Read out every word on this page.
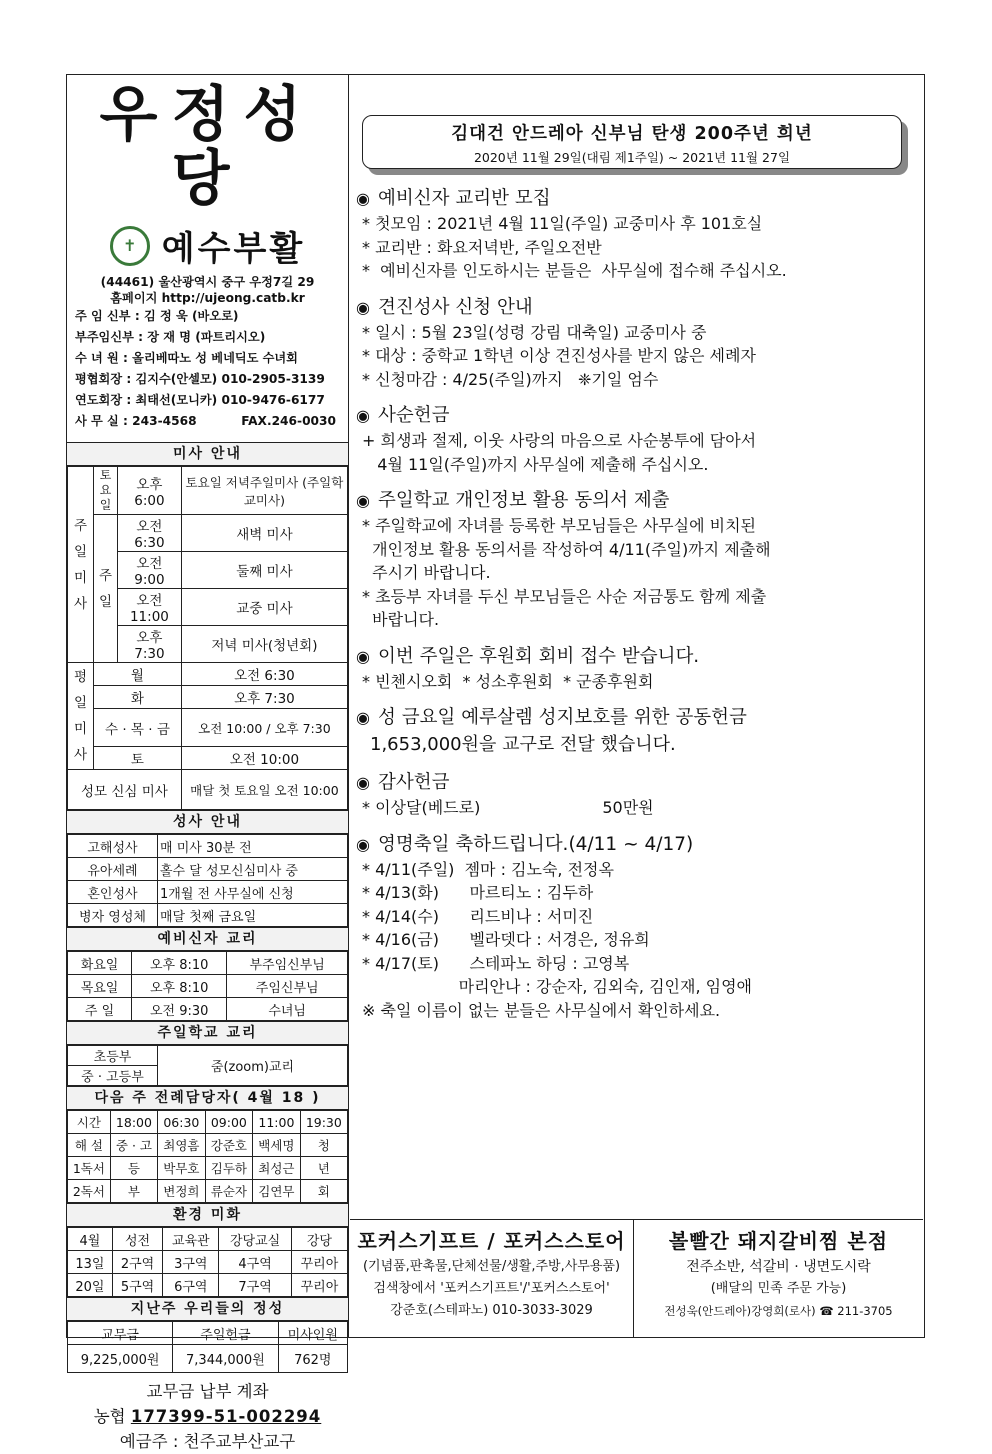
우정성당
✝ 예수부활
(44461) 울산광역시 중구 우정7길 29
홈페이지 http://ujeong.catb.kr
주 임 신부 : 김 정 욱 (바오로)
부주임신부 : 장 재 명 (파트리시오)
수 녀 원 : 올리베따노 성 베네딕도 수녀회
평협회장 : 김지수(안셀모) 010-2905-3139
연도회장 : 최태선(모니카) 010-9476-6177
사 무 실 : 243-4568	FAX.246-0030
미사 안내
주일미사	토요일	오후 6:00	토요일 저녁주일미사 (주일학교미사)
	주일	오전 6:30	새벽 미사
		오전 9:00	둘째 미사
		오전11:00	교중 미사
		오후 7:30	저녁 미사(청년회)
평일미사	월		오전 6:30
	화		오후 7:30
	수 · 목 · 금		오전 10:00 / 오후 7:30
	토		오전 10:00
성모 신심 미사			매달 첫 토요일 오전 10:00
성사 안내
고해성사	매 미사 30분 전
유아세례	홀수 달 성모신심미사 중
혼인성사	1개월 전 사무실에 신청
병자 영성체	매달 첫째 금요일
예비신자 교리
화요일	오후 8:10	부주임신부님
목요일	오후 8:10	주임신부님
주 일	오전 9:30	수녀님
주일학교 교리
초등부	줌(zoom)교리
중 · 고등부
다음 주 전례담당자( 4월 18 )
시간	18:00	06:30	09:00	11:00	19:30
해 설	중 · 고	최영흠	강준호	백세명	청
1독서	등	박무호	김두하	최성근	년
2독서	부	변정희	류순자	김연무	회
환경 미화
4월	성전	교육관	강당교실	강당
13일	2구역	3구역	4구역	꾸리아
20일	5구역	6구역	7구역	꾸리아
지난주 우리들의 정성
교무금	주일헌금	미사인원
9,225,000원	7,344,000원	762명
교무금 납부 계좌
농협 177399-51-002294
예금주 : 천주교부산교구
김대건 안드레아 신부님 탄생 200주년 희년
2020년 11월 29일(대림 제1주일) ~ 2021년 11월 27일
◉ 예비신자 교리반 모집
* 첫모임 : 2021년 4월 11일(주일) 교중미사 후 101호실
* 교리반 : 화요저녁반, 주일오전반
*  예비신자를 인도하시는 분들은  사무실에 접수해 주십시오.
◉ 견진성사 신청 안내
* 일시 : 5월 23일(성령 강림 대축일) 교중미사 중
* 대상 : 중학교 1학년 이상 견진성사를 받지 않은 세례자
* 신청마감 : 4/25(주일)까지   ❈기일 엄수
◉ 사순헌금
+ 희생과 절제, 이웃 사랑의 마음으로 사순봉투에 담아서
4월 11일(주일)까지 사무실에 제출해 주십시오.
◉ 주일학교 개인정보 활용 동의서 제출
* 주일학교에 자녀를 등록한 부모님들은 사무실에 비치된
개인정보 활용 동의서를 작성하여 4/11(주일)까지 제출해
주시기 바랍니다.
* 초등부 자녀를 두신 부모님들은 사순 저금통도 함께 제출
바랍니다.
◉ 이번 주일은 후원회 회비 접수 받습니다.
* 빈첸시오회  * 성소후원회  * 군종후원회
◉ 성 금요일 예루살렘 성지보호를 위한 공동헌금
1,653,000원을 교구로 전달 했습니다.
◉ 감사헌금
* 이상달(베드로)                        50만원
◉ 영명축일 축하드립니다.(4/11 ~ 4/17)
* 4/11(주일)  젬마 : 김노숙, 전정옥
* 4/13(화)      마르티노 : 김두하
* 4/14(수)      리드비나 : 서미진
* 4/16(금)      벨라뎃다 : 서경은, 정유희
* 4/17(토)      스테파노 하딩 : 고영복
마리안나 : 강순자, 김외숙, 김인재, 임영애
※ 축일 이름이 없는 분들은 사무실에서 확인하세요.
포커스기프트 / 포커스스토어
(기념품,판촉물,단체선물/생활,주방,사무용품)
검색창에서 '포커스기프트'/'포커스스토어'
강준호(스테파노) 010-3033-3029
볼빨간 돼지갈비찜 본점
전주소반, 석갈비 · 냉면도시락
(배달의 민족 주문 가능)
전성욱(안드레아)강영희(로사) ☎ 211-3705
